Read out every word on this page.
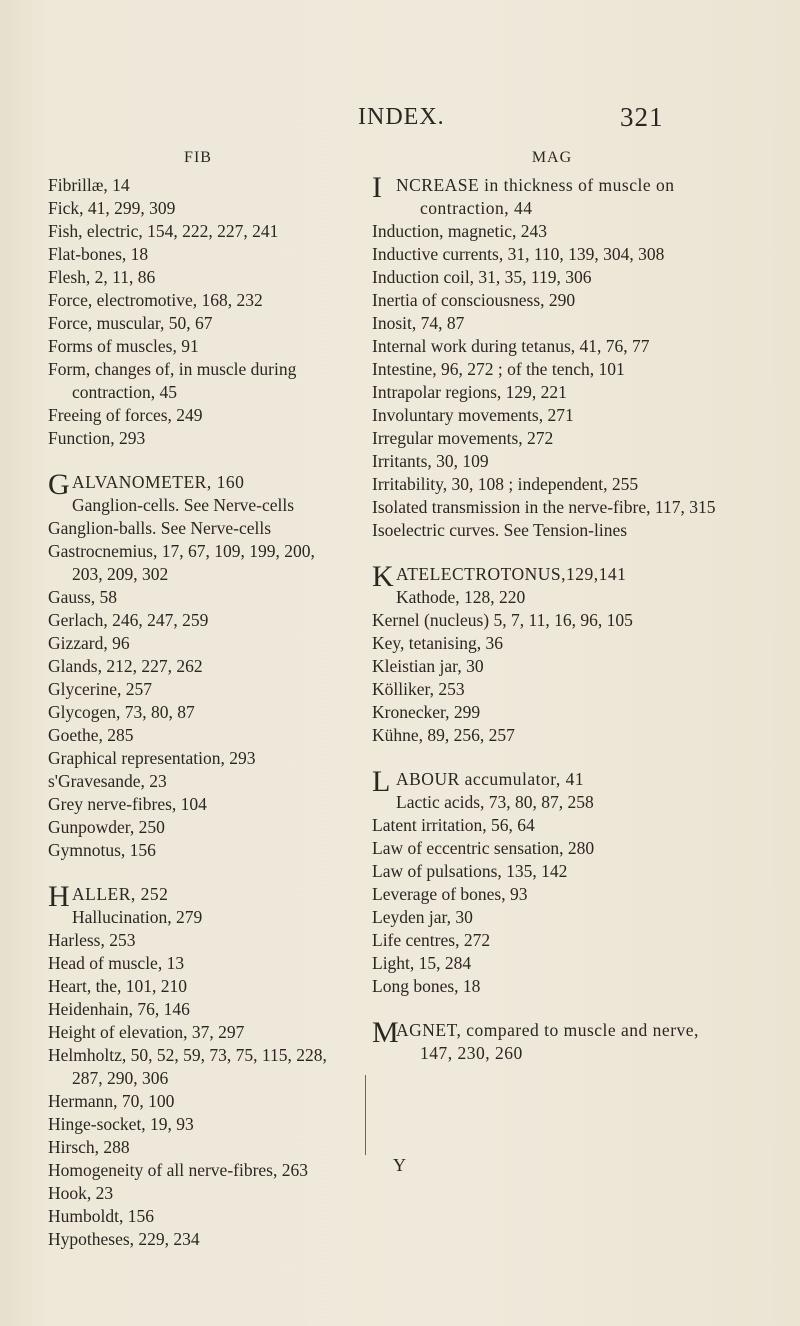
INDEX.	321
FIB
Fibrillæ, 14
Fick, 41, 299, 309
Fish, electric, 154, 222, 227, 241
Flat-bones, 18
Flesh, 2, 11, 86
Force, electromotive, 168, 232
Force, muscular, 50, 67
Forms of muscles, 91
Form, changes of, in muscle during contraction, 45
Freeing of forces, 249
Function, 293
GALVANOMETER, 160
Ganglion-cells. See Nerve-cells
Ganglion-balls. See Nerve-cells
Gastrocnemius, 17, 67, 109, 199, 200, 203, 209, 302
Gauss, 58
Gerlach, 246, 247, 259
Gizzard, 96
Glands, 212, 227, 262
Glycerine, 257
Glycogen, 73, 80, 87
Goethe, 285
Graphical representation, 293
s'Gravesande, 23
Grey nerve-fibres, 104
Gunpowder, 250
Gymnotus, 156
HALLER, 252
Hallucination, 279
Harless, 253
Head of muscle, 13
Heart, the, 101, 210
Heidenhain, 76, 146
Height of elevation, 37, 297
Helmholtz, 50, 52, 59, 73, 75, 115, 228, 287, 290, 306
Hermann, 70, 100
Hinge-socket, 19, 93
Hirsch, 288
Homogeneity of all nerve-fibres, 263
Hook, 23
Humboldt, 156
Hypotheses, 229, 234
MAG
INCREASE in thickness of muscle on contraction, 44
Induction, magnetic, 243
Inductive currents, 31, 110, 139, 304, 308
Induction coil, 31, 35, 119, 306
Inertia of consciousness, 290
Inosit, 74, 87
Internal work during tetanus, 41, 76, 77
Intestine, 96, 272 ; of the tench, 101
Intrapolar regions, 129, 221
Involuntary movements, 271
Irregular movements, 272
Irritants, 30, 109
Irritability, 30, 108 ; independent, 255
Isolated transmission in the nerve-fibre, 117, 315
Isoelectric curves. See Tension-lines
KATELECTROTONUS,129,141
Kathode, 128, 220
Kernel (nucleus) 5, 7, 11, 16, 96, 105
Key, tetanising, 36
Kleistian jar, 30
Kölliker, 253
Kronecker, 299
Kühne, 89, 256, 257
LABOUR accumulator, 41
Lactic acids, 73, 80, 87, 258
Latent irritation, 56, 64
Law of eccentric sensation, 280
Law of pulsations, 135, 142
Leverage of bones, 93
Leyden jar, 30
Life centres, 272
Light, 15, 284
Long bones, 18
M
AGNET, compared to muscle and nerve, 147, 230, 260
Y
